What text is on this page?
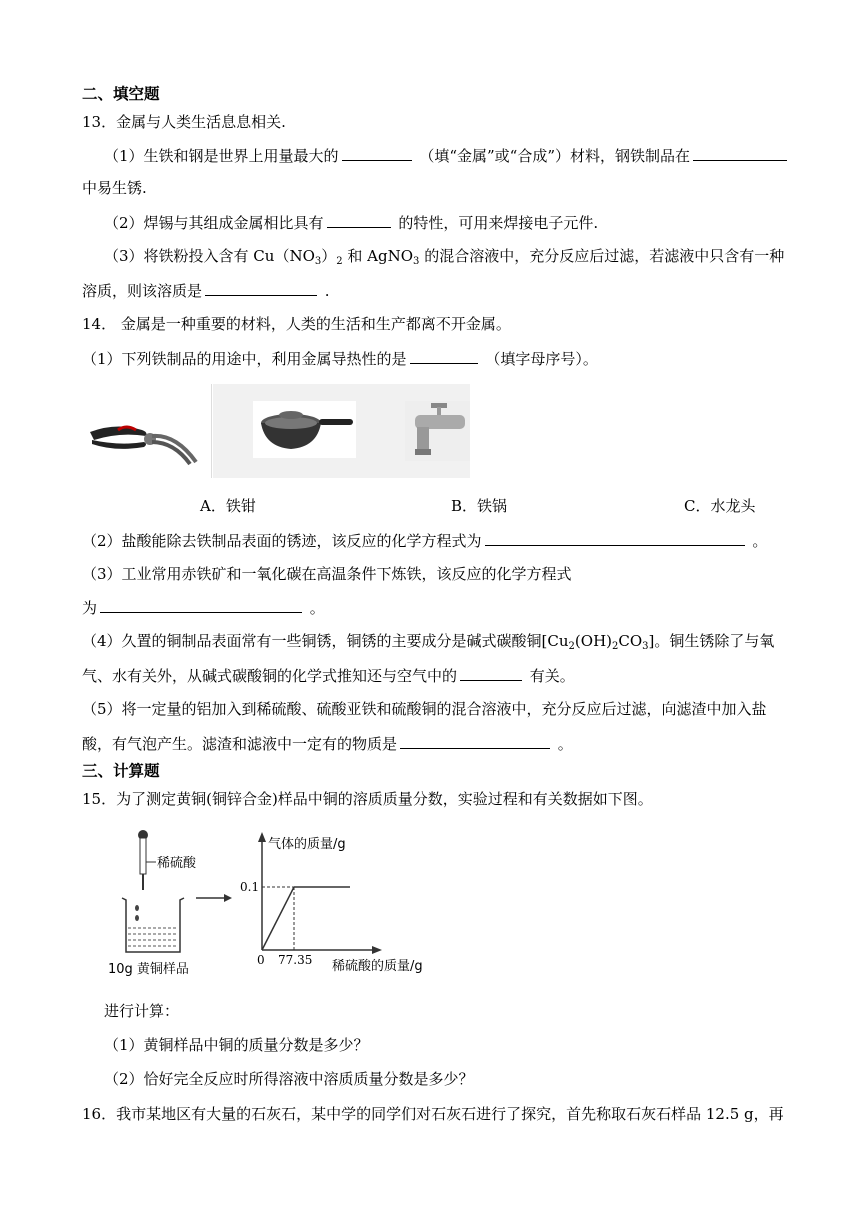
二、填空题
13．金属与人类生活息息相关.
（1）生铁和钢是世界上用量最大的	（填“金属”或“合成”）材料，钢铁制品在
中易生锈.
（2）焊锡与其组成金属相比具有	的特性，可用来焊接电子元件.
（3）将铁粉投入含有 $Cu(NO_3)_2$ 和 AgNO$_3$ 的混合溶液中，充分反应后过滤，若滤液中只含有一种
溶质，则该溶质是	.
14． 金属是一种重要的材料，人类的生活和生产都离不开金属。
（1）下列铁制品的用途中，利用金属导热性的是	（填字母序号）。
A．铁钳	B．铁锅	C．水龙头
（2）盐酸能除去铁制品表面的锈迹，该反应的化学方程式为	。
（3）工业常用赤铁矿和一氧化碳在高温条件下炼铁，该反应的化学方程式
为	。
（4）久置的铜制品表面常有一些铜锈，铜锈的主要成分是碱式碳酸铜$[Cu_2(OH)_2CO_3]$。铜生锈除了与氧
气、水有关外，从碱式碳酸铜的化学式推知还与空气中的	有关。
（5）将一定量的铝加入到稀硫酸、硫酸亚铁和硫酸铜的混合溶液中，充分反应后过滤，向滤渣中加入盐
酸，有气泡产生。滤渣和滤液中一定有的物质是	。
三、计算题
15．为了测定黄铜(铜锌合金)样品中铜的溶质质量分数，实验过程和有关数据如下图。
稀硫酸
10g 黄铜样品
气体的质量/g
稀硫酸的质量/g
0
0.1
77.35
进行计算：
（1）黄铜样品中铜的质量分数是多少？
（2）恰好完全反应时所得溶液中溶质质量分数是多少？
16．我市某地区有大量的石灰石，某中学的同学们对石灰石进行了探究，首先称取石灰石样品 12.5 g，再
